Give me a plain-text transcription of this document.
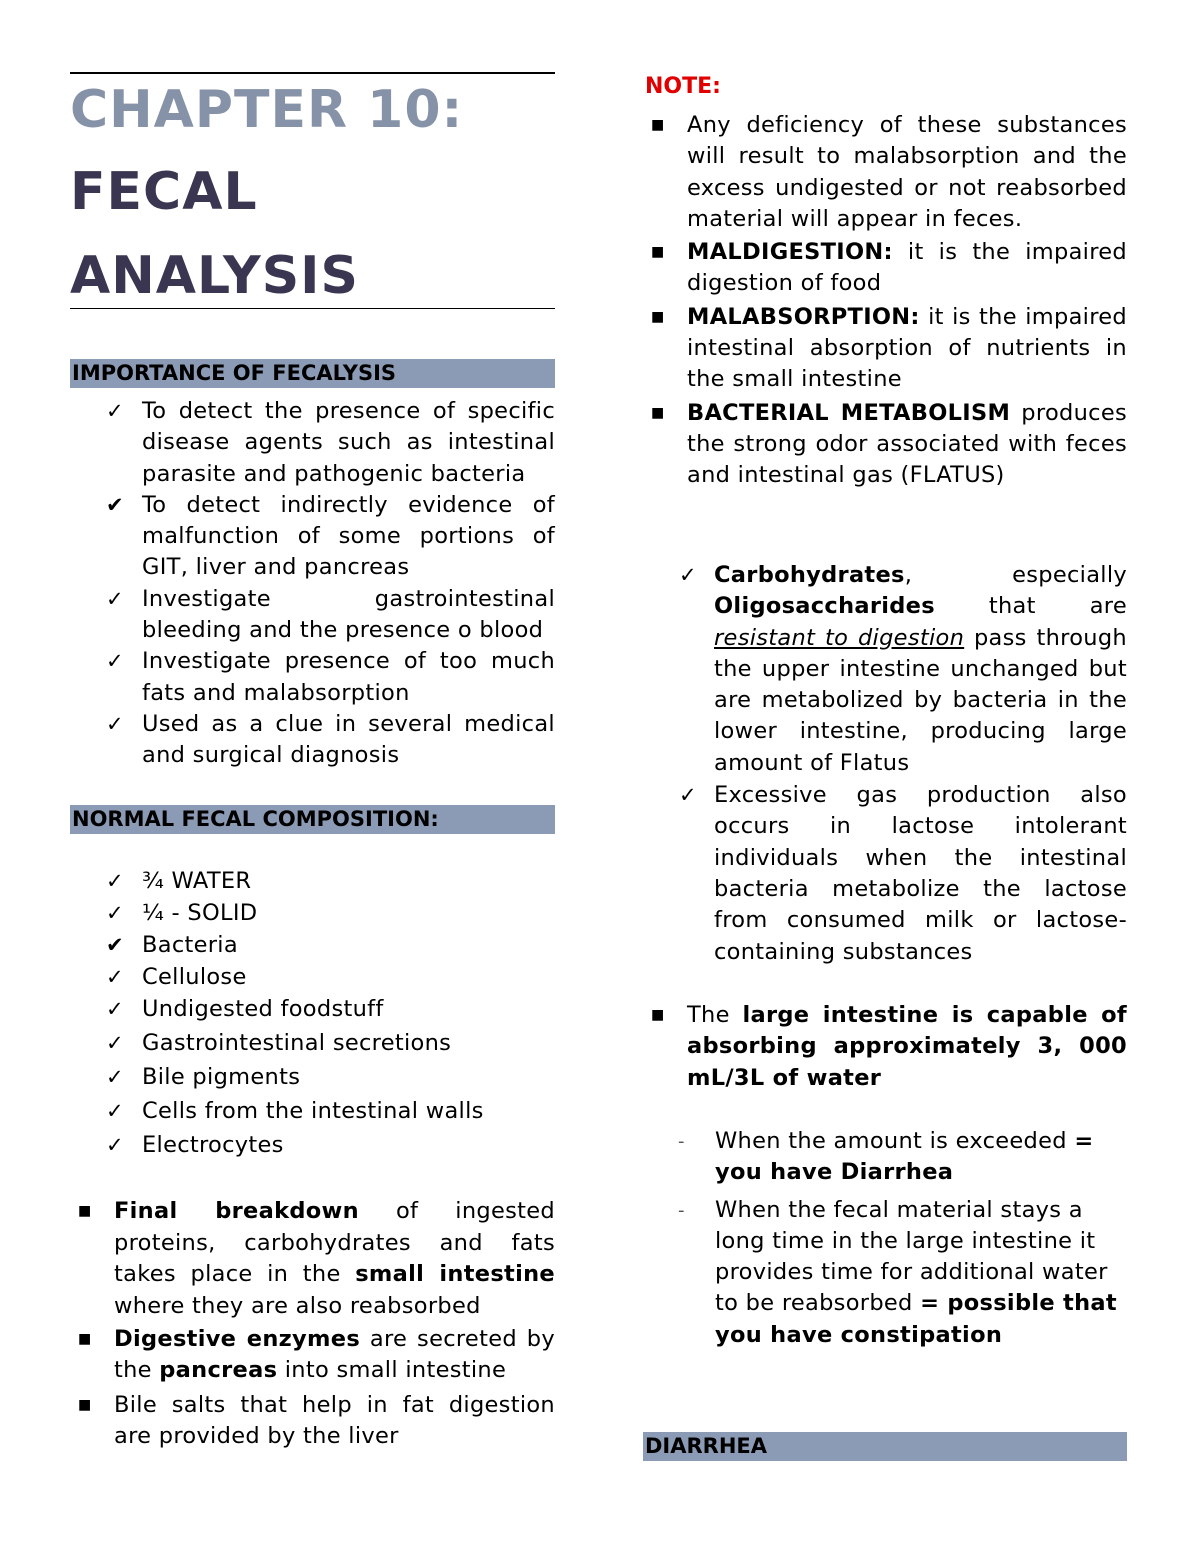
CHAPTER 10:
FECAL
ANALYSIS
IMPORTANCE OF FECALYSIS
✓ To detect the presence of specific disease agents such as intestinal parasite and pathogenic bacteria
✔ To detect indirectly evidence of malfunction of some portions of GIT, liver and pancreas
✓ Investigate gastrointestinal bleeding and the presence o blood
✓ Investigate presence of too much fats and malabsorption
✓ Used as a clue in several medical and surgical diagnosis
NORMAL FECAL COMPOSITION:
✓ ¾ WATER
✓ ¼ - SOLID
✔ Bacteria
✓ Cellulose
✓ Undigested foodstuff
✓ Gastrointestinal secretions
✓ Bile pigments
✓ Cells from the intestinal walls
✓ Electrocytes
■ Final breakdown of ingested proteins, carbohydrates and fats takes place in the small intestine where they are also reabsorbed
■ Digestive enzymes are secreted by the pancreas into small intestine
■ Bile salts that help in fat digestion are provided by the liver
NOTE:
■ Any deficiency of these substances will result to malabsorption and the excess undigested or not reabsorbed material will appear in feces.
■ MALDIGESTION: it is the impaired digestion of food
■ MALABSORPTION: it is the impaired intestinal absorption of nutrients in the small intestine
■ BACTERIAL METABOLISM produces the strong odor associated with feces and intestinal gas (FLATUS)
✓ Carbohydrates, especially Oligosaccharides that are resistant to digestion pass through the upper intestine unchanged but are metabolized by bacteria in the lower intestine, producing large amount of Flatus
✓ Excessive gas production also occurs in lactose intolerant individuals when the intestinal bacteria metabolize the lactose from consumed milk or lactose-containing substances
■ The large intestine is capable of absorbing approximately 3, 000 mL/3L of water
- When the amount is exceeded = you have Diarrhea
- When the fecal material stays a long time in the large intestine it provides time for additional water to be reabsorbed = possible that you have constipation
DIARRHEA
